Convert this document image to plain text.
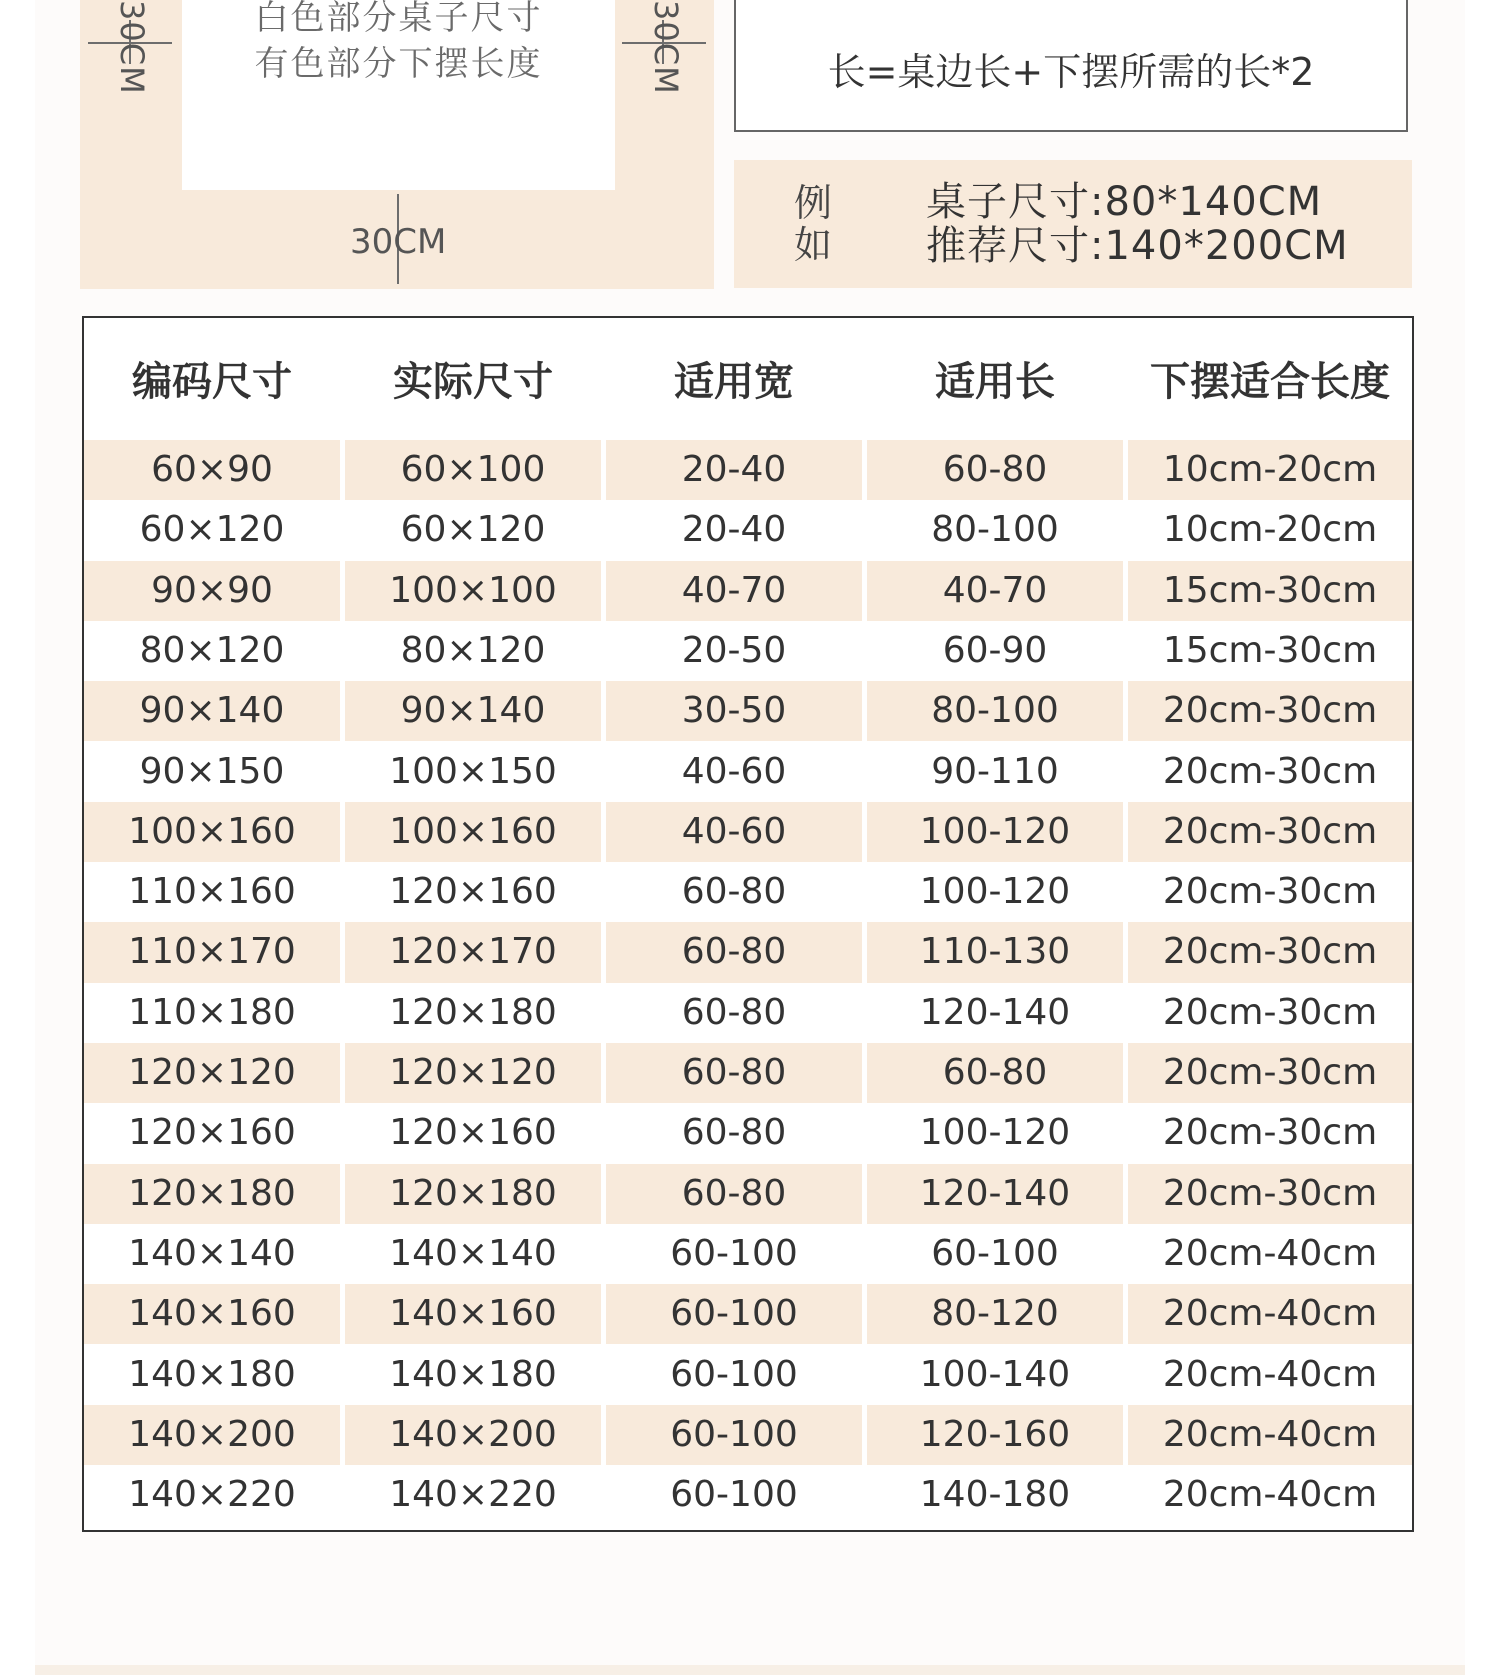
白色部分桌子尺寸
有色部分下摆长度
30CM	30CM
30CM
长=桌边长+下摆所需的长*2
例如
桌子尺寸:80*140CM
推荐尺寸:140*200CM
编码尺寸	实际尺寸	适用宽	适用长	下摆适合长度
60×90	60×100	20-40	60-80	10cm-20cm
60×120	60×120	20-40	80-100	10cm-20cm
90×90	100×100	40-70	40-70	15cm-30cm
80×120	80×120	20-50	60-90	15cm-30cm
90×140	90×140	30-50	80-100	20cm-30cm
90×150	100×150	40-60	90-110	20cm-30cm
100×160	100×160	40-60	100-120	20cm-30cm
110×160	120×160	60-80	100-120	20cm-30cm
110×170	120×170	60-80	110-130	20cm-30cm
110×180	120×180	60-80	120-140	20cm-30cm
120×120	120×120	60-80	60-80	20cm-30cm
120×160	120×160	60-80	100-120	20cm-30cm
120×180	120×180	60-80	120-140	20cm-30cm
140×140	140×140	60-100	60-100	20cm-40cm
140×160	140×160	60-100	80-120	20cm-40cm
140×180	140×180	60-100	100-140	20cm-40cm
140×200	140×200	60-100	120-160	20cm-40cm
140×220	140×220	60-100	140-180	20cm-40cm
